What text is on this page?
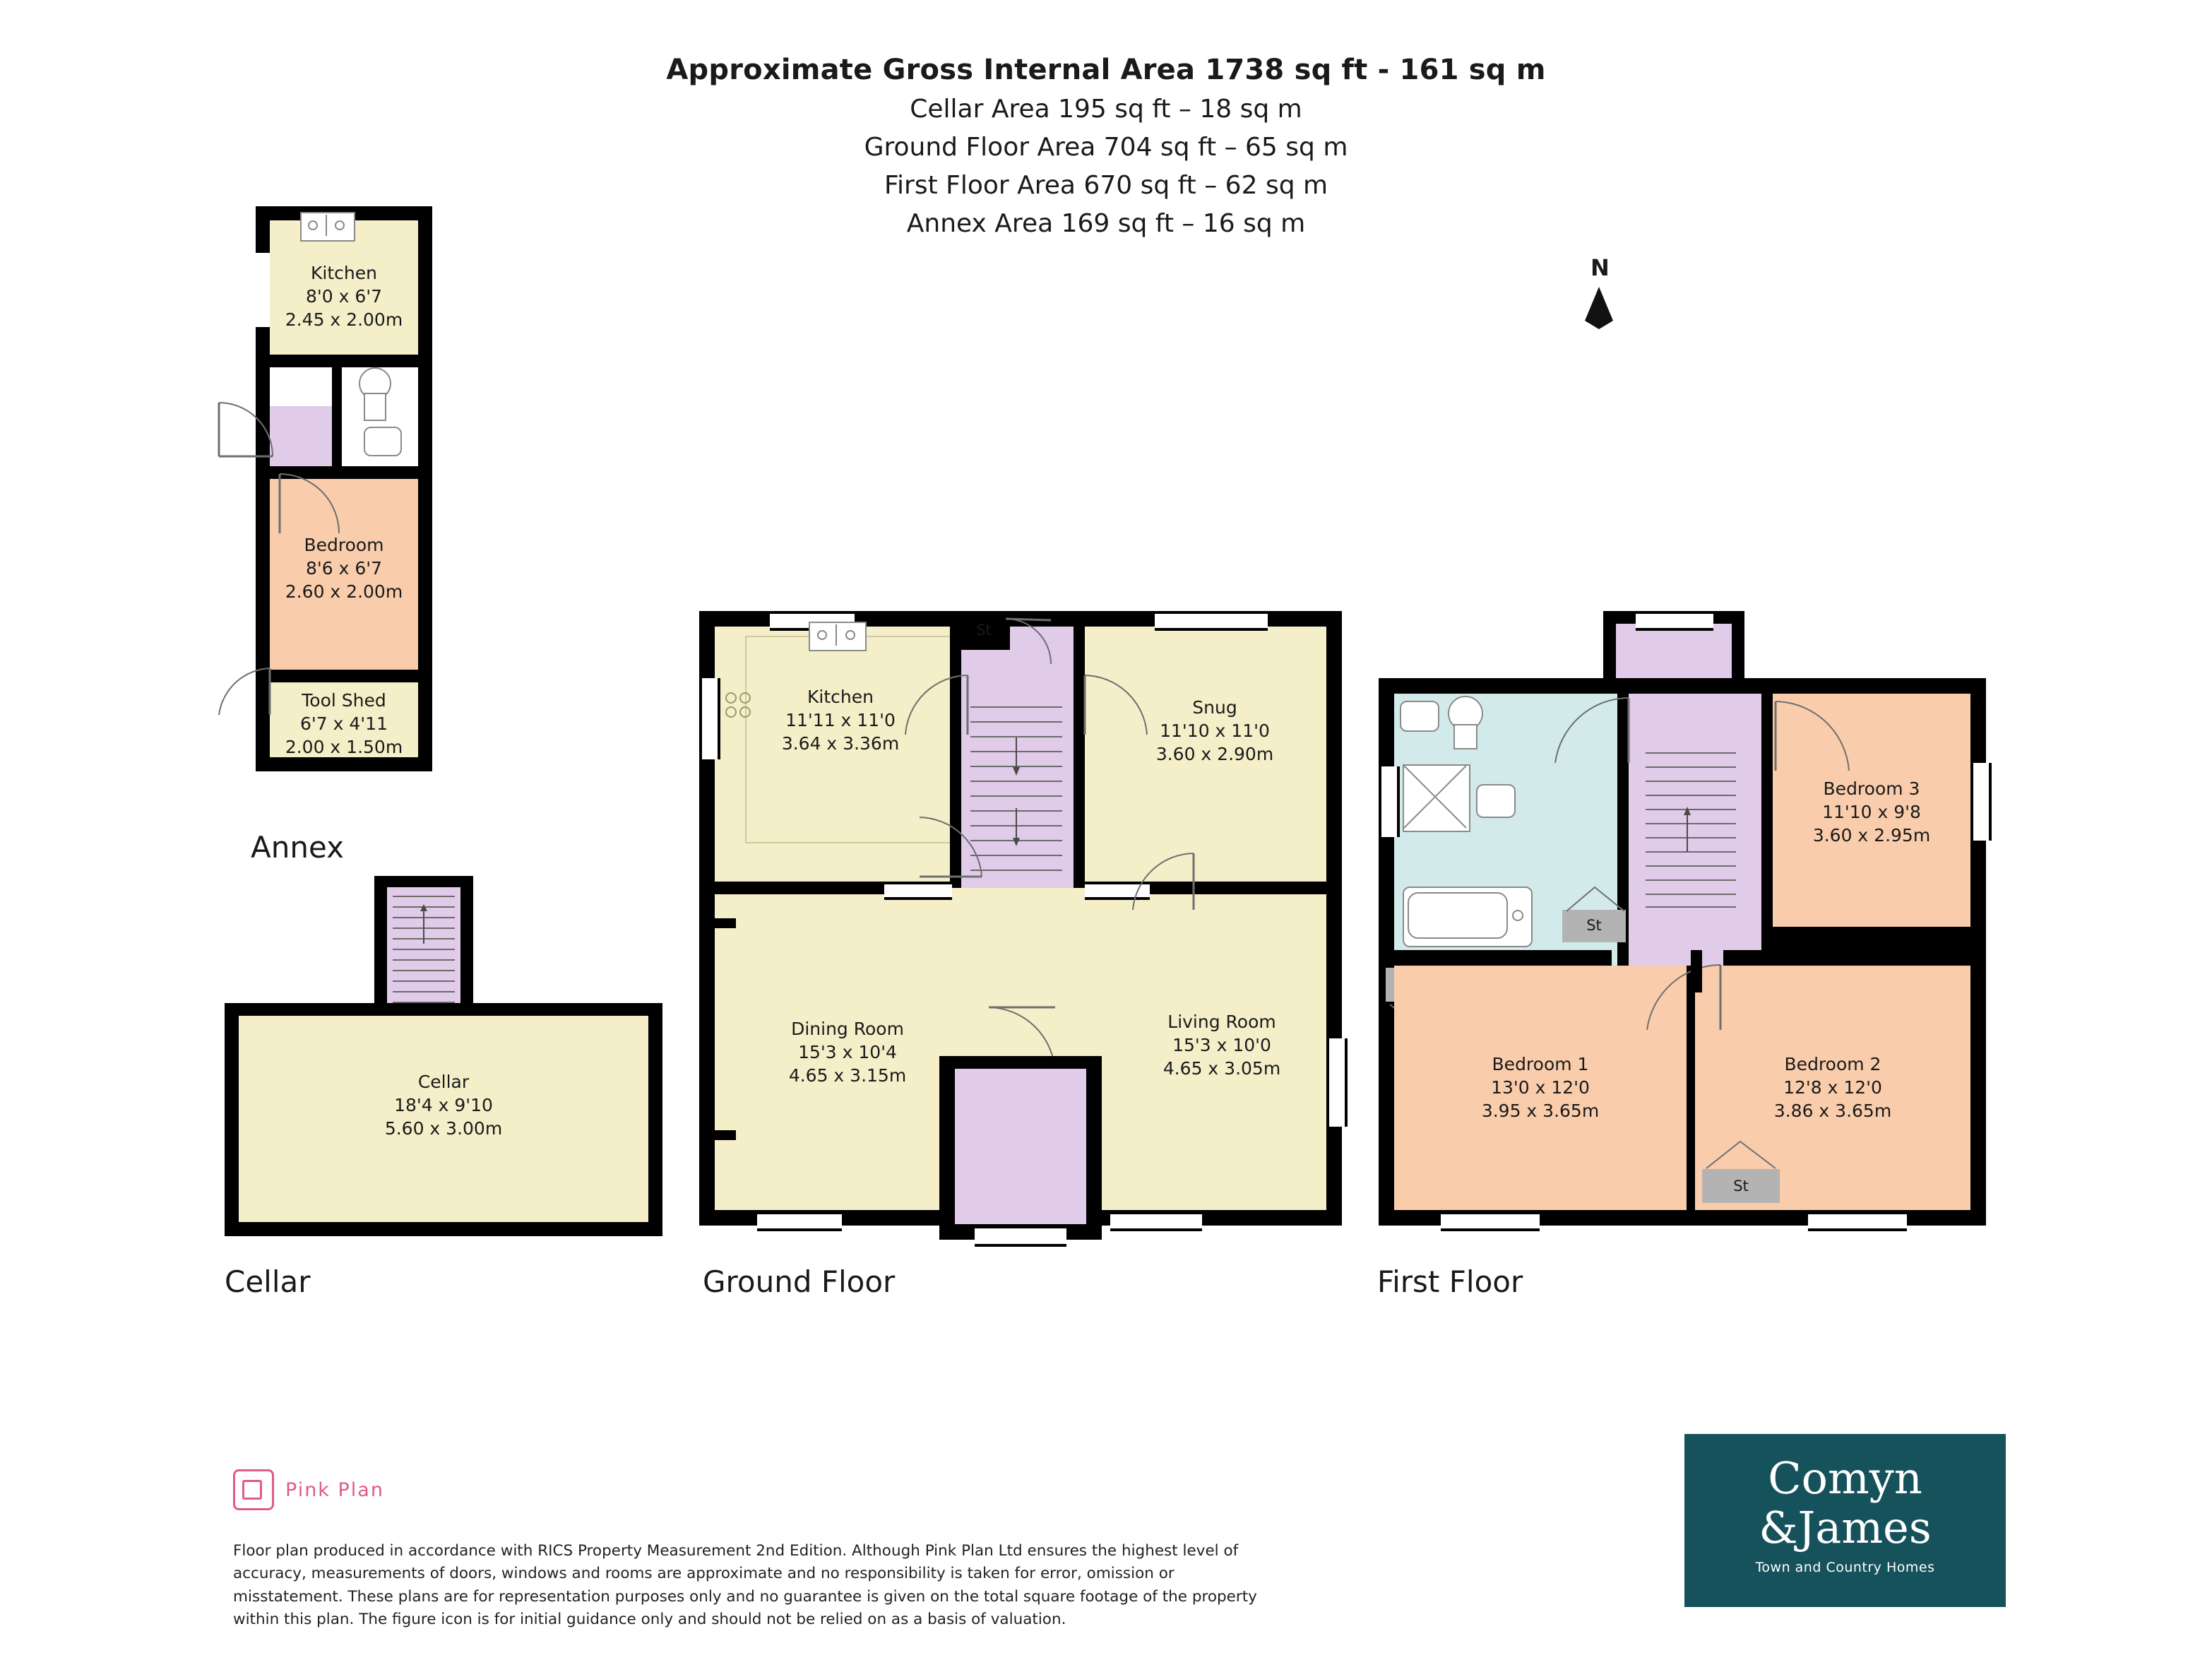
Approximate Gross Internal Area 1738 sq ft - 161 sq m
Cellar Area 195 sq ft – 18 sq m
Ground Floor Area 704 sq ft – 65 sq m
First Floor Area 670 sq ft – 62 sq m
Annex Area 169 sq ft – 16 sq m
N
Kitchen
8'0 x 6'7
2.45 x 2.00m
Bedroom
8'6 x 6'7
2.60 x 2.00m
Tool Shed
6'7 x 4'11
2.00 x 1.50m
Annex
Cellar
18'4 x 9'10
5.60 x 3.00m
Cellar
Kitchen
11'11 x 11'0
3.64 x 3.36m
St
Snug
11'10 x 11'0
3.60 x 2.90m
Dining Room
15'3 x 10'4
4.65 x 3.15m
Living Room
15'3 x 10'0
4.65 x 3.05m
Ground Floor
Bedroom 3
11'10 x 9'8
3.60 x 2.95m
St
Bedroom 1
13'0 x 12'0
3.95 x 3.65m
Bedroom 2
12'8 x 12'0
3.86 x 3.65m
St
First Floor
Pink Plan
Floor plan produced in accordance with RICS Property Measurement 2nd Edition. Although Pink Plan Ltd ensures the highest level of accuracy, measurements of doors, windows and rooms are approximate and no responsibility is taken for error, omission or misstatement. These plans are for representation purposes only and no guarantee is given on the total square footage of the property within this plan. The figure icon is for initial guidance only and should not be relied on as a basis of valuation.
Comyn
&James
Town and Country Homes
